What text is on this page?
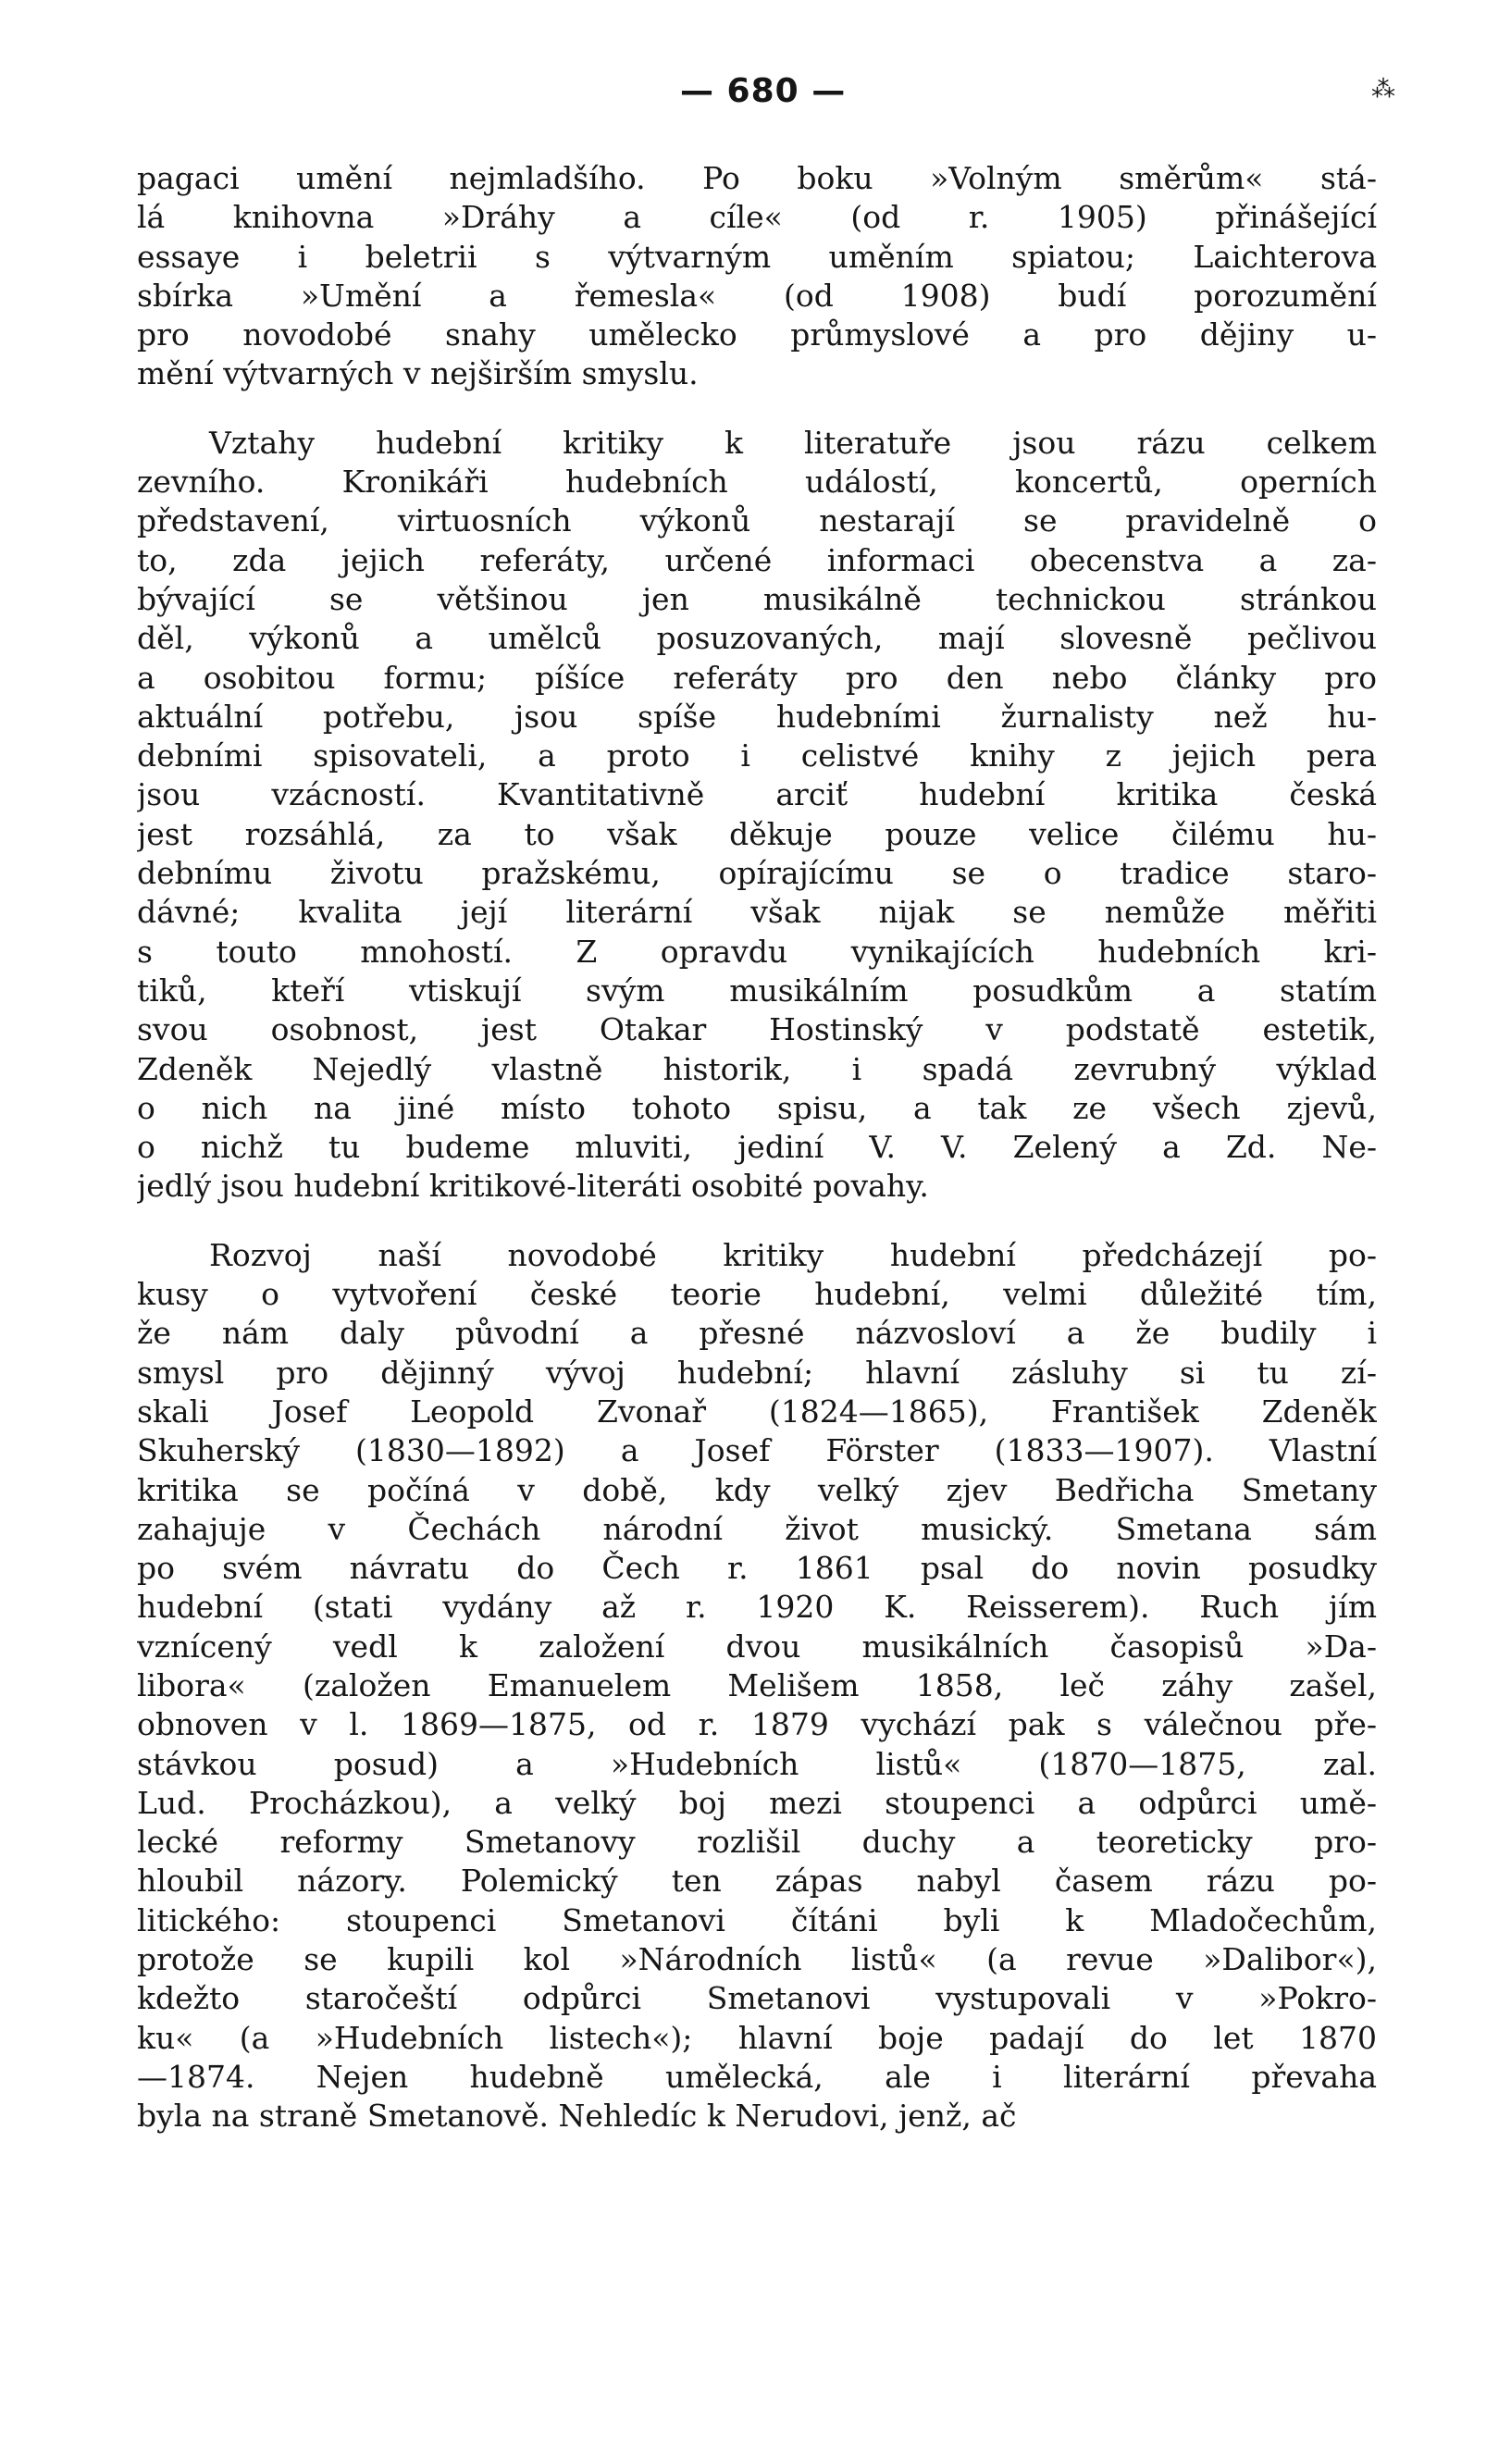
— 680 —	⁂
pagaci umění nejmladšího. Po boku »Volným směrům« stá-
lá knihovna »Dráhy a cíle« (od r. 1905) přinášející
essaye i beletrii s výtvarným uměním spiatou; Laichterova
sbírka »Umění a řemesla« (od 1908) budí porozumění
pro novodobé snahy umělecko průmyslové a pro dějiny u-
mění výtvarných v nejširším smyslu.
Vztahy hudební kritiky k literatuře jsou rázu celkem
zevního. Kronikáři hudebních událostí, koncertů, operních
představení, virtuosních výkonů nestarají se pravidelně o
to, zda jejich referáty, určené informaci obecenstva a za-
bývající se většinou jen musikálně technickou stránkou
děl, výkonů a umělců posuzovaných, mají slovesně pečlivou
a osobitou formu; píšíce referáty pro den nebo články pro
aktuální potřebu, jsou spíše hudebními žurnalisty než hu-
debními spisovateli, a proto i celistvé knihy z jejich pera
jsou vzácností. Kvantitativně arciť hudební kritika česká
jest rozsáhlá, za to však děkuje pouze velice čilému hu-
debnímu životu pražskému, opírajícímu se o tradice staro-
dávné; kvalita její literární však nijak se nemůže měřiti
s touto mnohostí. Z opravdu vynikajících hudebních kri-
tiků, kteří vtiskují svým musikálním posudkům a statím
svou osobnost, jest Otakar Hostinský v podstatě estetik,
Zdeněk Nejedlý vlastně historik, i spadá zevrubný výklad
o nich na jiné místo tohoto spisu, a tak ze všech zjevů,
o nichž tu budeme mluviti, jediní V. V. Zelený a Zd. Ne-
jedlý jsou hudební kritikové-literáti osobité povahy.
Rozvoj naší novodobé kritiky hudební předcházejí po-
kusy o vytvoření české teorie hudební, velmi důležité tím,
že nám daly původní a přesné názvosloví a že budily i
smysl pro dějinný vývoj hudební; hlavní zásluhy si tu zí-
skali Josef Leopold Zvonař (1824—1865), František Zdeněk
Skuherský (1830—1892) a Josef Förster (1833—1907). Vlastní
kritika se počíná v době, kdy velký zjev Bedřicha Smetany
zahajuje v Čechách národní život musický. Smetana sám
po svém návratu do Čech r. 1861 psal do novin posudky
hudební (stati vydány až r. 1920 K. Reisserem). Ruch jím
vznícený vedl k založení dvou musikálních časopisů »Da-
libora« (založen Emanuelem Melišem 1858, leč záhy zašel,
obnoven v l. 1869—1875, od r. 1879 vychází pak s válečnou pře-
stávkou posud) a »Hudebních listů« (1870—1875, zal.
Lud. Procházkou), a velký boj mezi stoupenci a odpůrci umě-
lecké reformy Smetanovy rozlišil duchy a teoreticky pro-
hloubil názory. Polemický ten zápas nabyl časem rázu po-
litického: stoupenci Smetanovi čítáni byli k Mladočechům,
protože se kupili kol »Národních listů« (a revue »Dalibor«),
kdežto staročeští odpůrci Smetanovi vystupovali v »Pokro-
ku« (a »Hudebních listech«); hlavní boje padají do let 1870
—1874. Nejen hudebně umělecká, ale i literární převaha
byla na straně Smetanově. Nehledíc k Nerudovi, jenž, ač
